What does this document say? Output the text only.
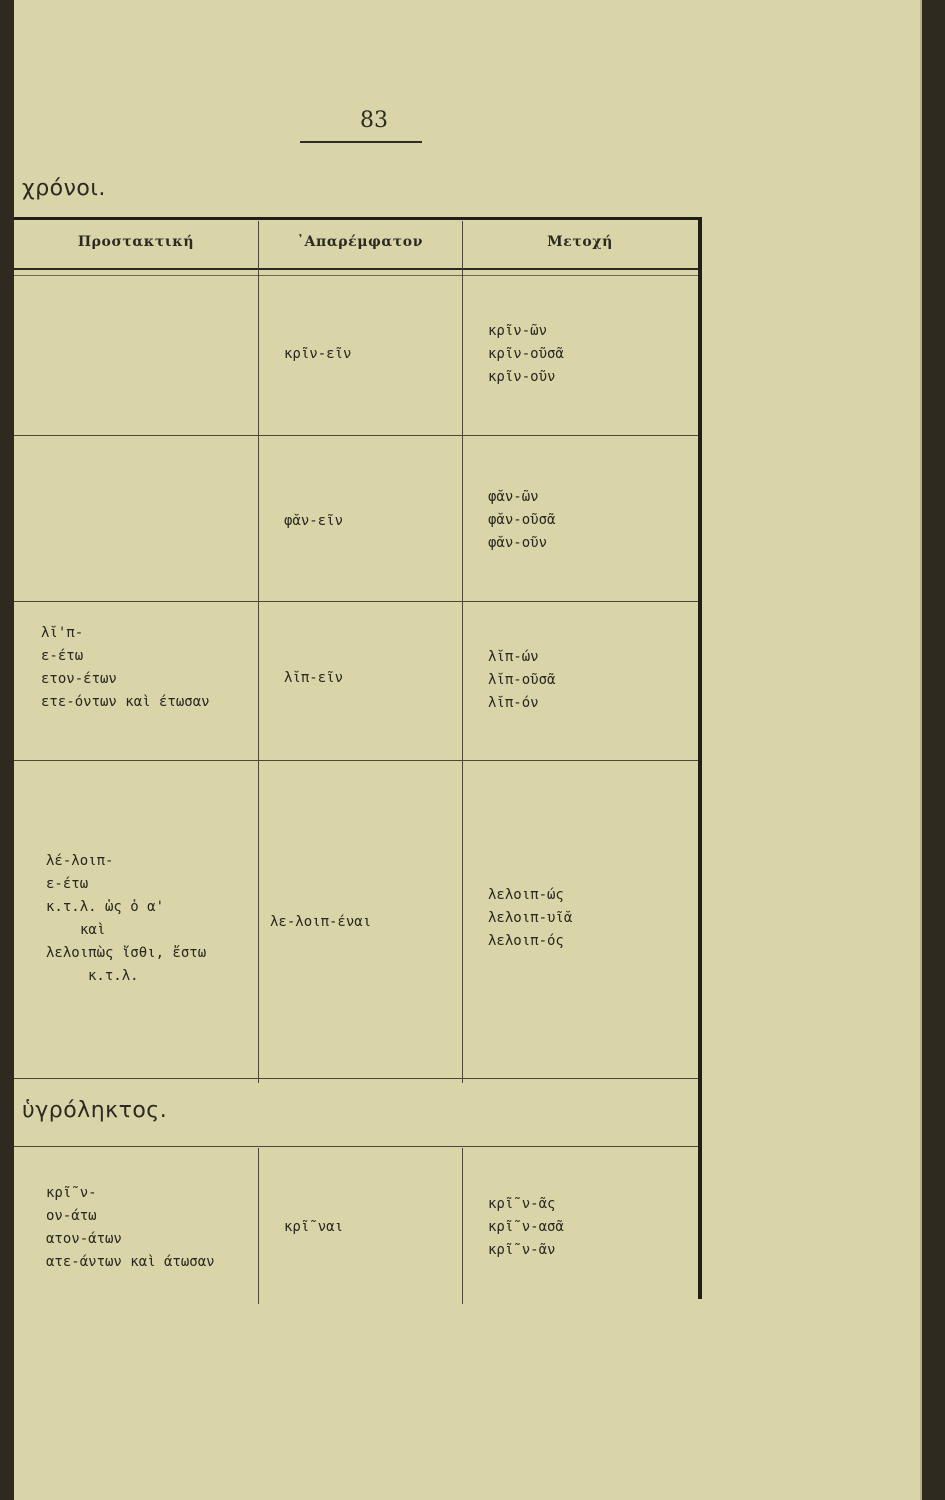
83
χρόνοι.
Προστακτική	᾿Απαρέμφατον	Μετοχή
κρῖν-εῖν
κρῖν-ῶν
κρῖν-οῦσᾶ
κρῖν-οῦν
φᾰν-εῖν
φᾰν-ῶν
φᾰν-οῦσᾶ
φᾰν-οῦν
λῐ'π-
ε-έτω
ετον-έτων
ετε-όντων καὶ έτωσαν
λῐπ-εῖν
λῐπ-ών
λῐπ-οῦσᾶ
λῐπ-όν
λέ-λοιπ-
ε-έτω
κ.τ.λ. ὡς ὁ α'
καὶ
λελοιπὼς ἴσθι, ἔστω
κ.τ.λ.
λε-λοιπ-έναι
λελοιπ-ώς
λελοιπ-υῖᾰ
λελοιπ-ός
ὑγρόληκτος.
κρῖ῀ν-
ον-άτω
ατον-άτων
ατε-άντων καὶ άτωσαν
κρῖ῀ναι
κρῖ῀ν-ᾶς
κρῖ῀ν-ασᾶ
κρῖ῀ν-ᾶν
